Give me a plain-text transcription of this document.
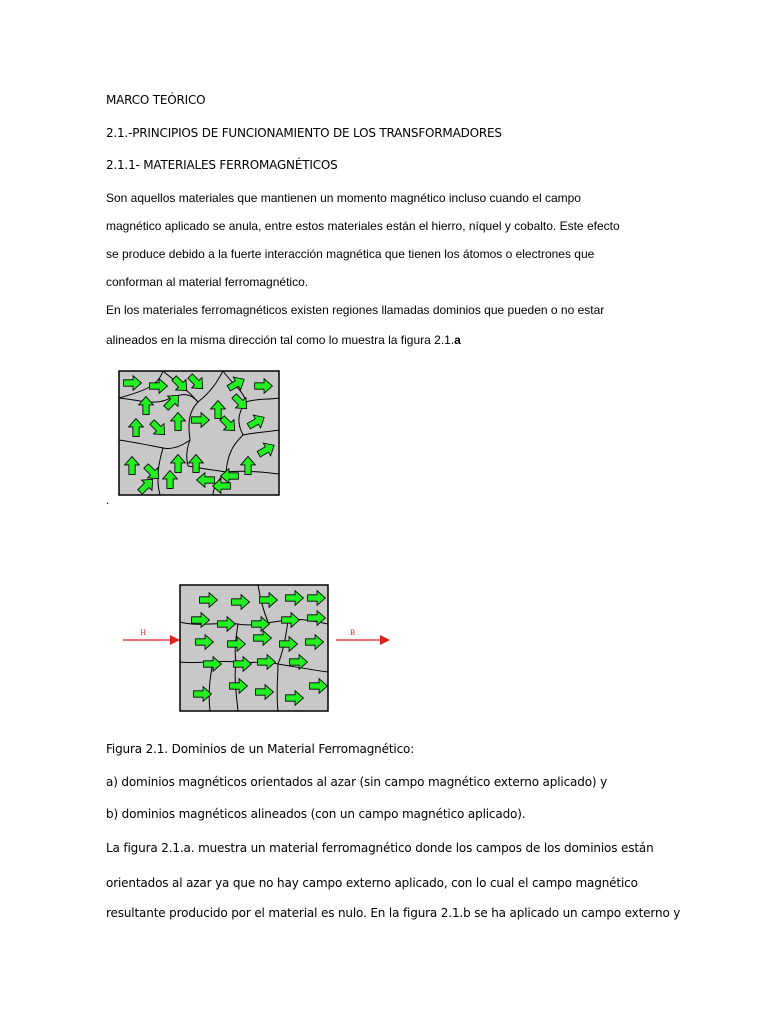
MARCO TEÓRICO
2.1.-PRINCIPIOS DE FUNCIONAMIENTO DE LOS TRANSFORMADORES
2.1.1- MATERIALES FERROMAGNÉTICOS
Son aquellos materiales que mantienen un momento magnético incluso cuando el campo
magnético aplicado se anula, entre estos materiales están el hierro, níquel y cobalto. Este efecto
se produce debido a la fuerte interacción magnética que tienen los átomos o electrones que
conforman al material ferromagnético.
En los materiales ferromagnéticos existen regiones llamadas dominios que pueden o no estar
alineados en la misma dirección tal como lo muestra la figura 2.1.a
.
H	B
Figura 2.1. Dominios de un Material Ferromagnético:
a) dominios magnéticos orientados al azar (sin campo magnético externo aplicado) y
b) dominios magnéticos alineados (con un campo magnético aplicado).
La figura 2.1.a. muestra un material ferromagnético donde los campos de los dominios están
orientados al azar ya que no hay campo externo aplicado, con lo cual el campo magnético
resultante producido por el material es nulo. En la figura 2.1.b se ha aplicado un campo externo y
